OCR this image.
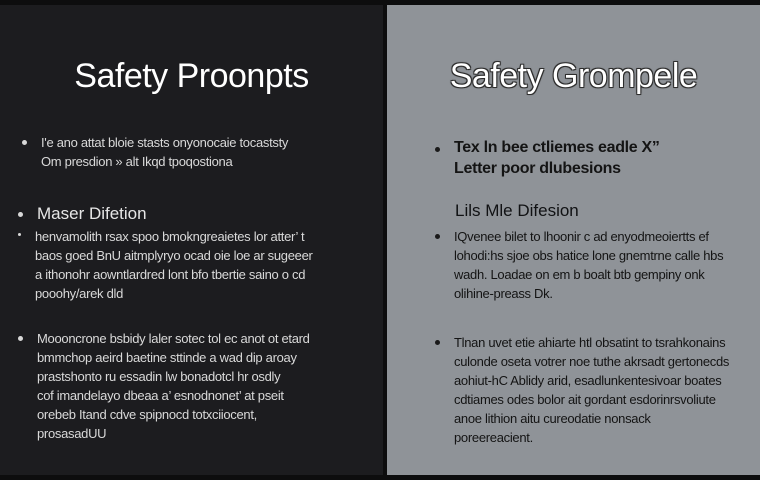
Safety Proonpts
I'e ano attat bloie stasts onyonocaie tocaststy
Om presdion » alt Ikqd tpoqostiona
Maser Difetion
henvamolith rsax spoo bmokngreaietes lor atter’ t
baos goed BnU aitmplyryo ocad oie loe ar sugeeer
a ithonohr aowntlardred lont bfo tbertie saino o cd
pooohy/arek dld
Moooncrone bsbidy laler sotec tol ec anot ot etard
bmmchop aeird baetine sttinde a wad dip aroay
prastshonto ru essadin lw bonadotcl hr osdly
cof imandelayo dbeaa a’ esnodnonet’ at pseit
orebeb Itand cdve spipnocd totxciiocent,
prosasadUU
Safety Grompele
Tex ln bee ctliemes eadle X”
Letter poor dlubesions
Lils Mle Difesion
IQvenee bilet to lhoonir c ad enyodmeoiertts ef
lohodi:hs sjoe obs hatice lone gnemtrne calle hbs
wadh. Loadae on em b boalt btb gempiny onk
olihine-preass Dk.
Tlnan uvet etie ahiarte htl obsatint to tsrahkonains
culonde oseta votrer noe tuthe akrsadt gertonecds
aohiut-hC Ablidy arid, esadlunkentesivoar boates
cdtiames odes bolor ait gordant esdorinrsvoliute
anoe lithion aitu cureodatie nonsack
poreereacient.
